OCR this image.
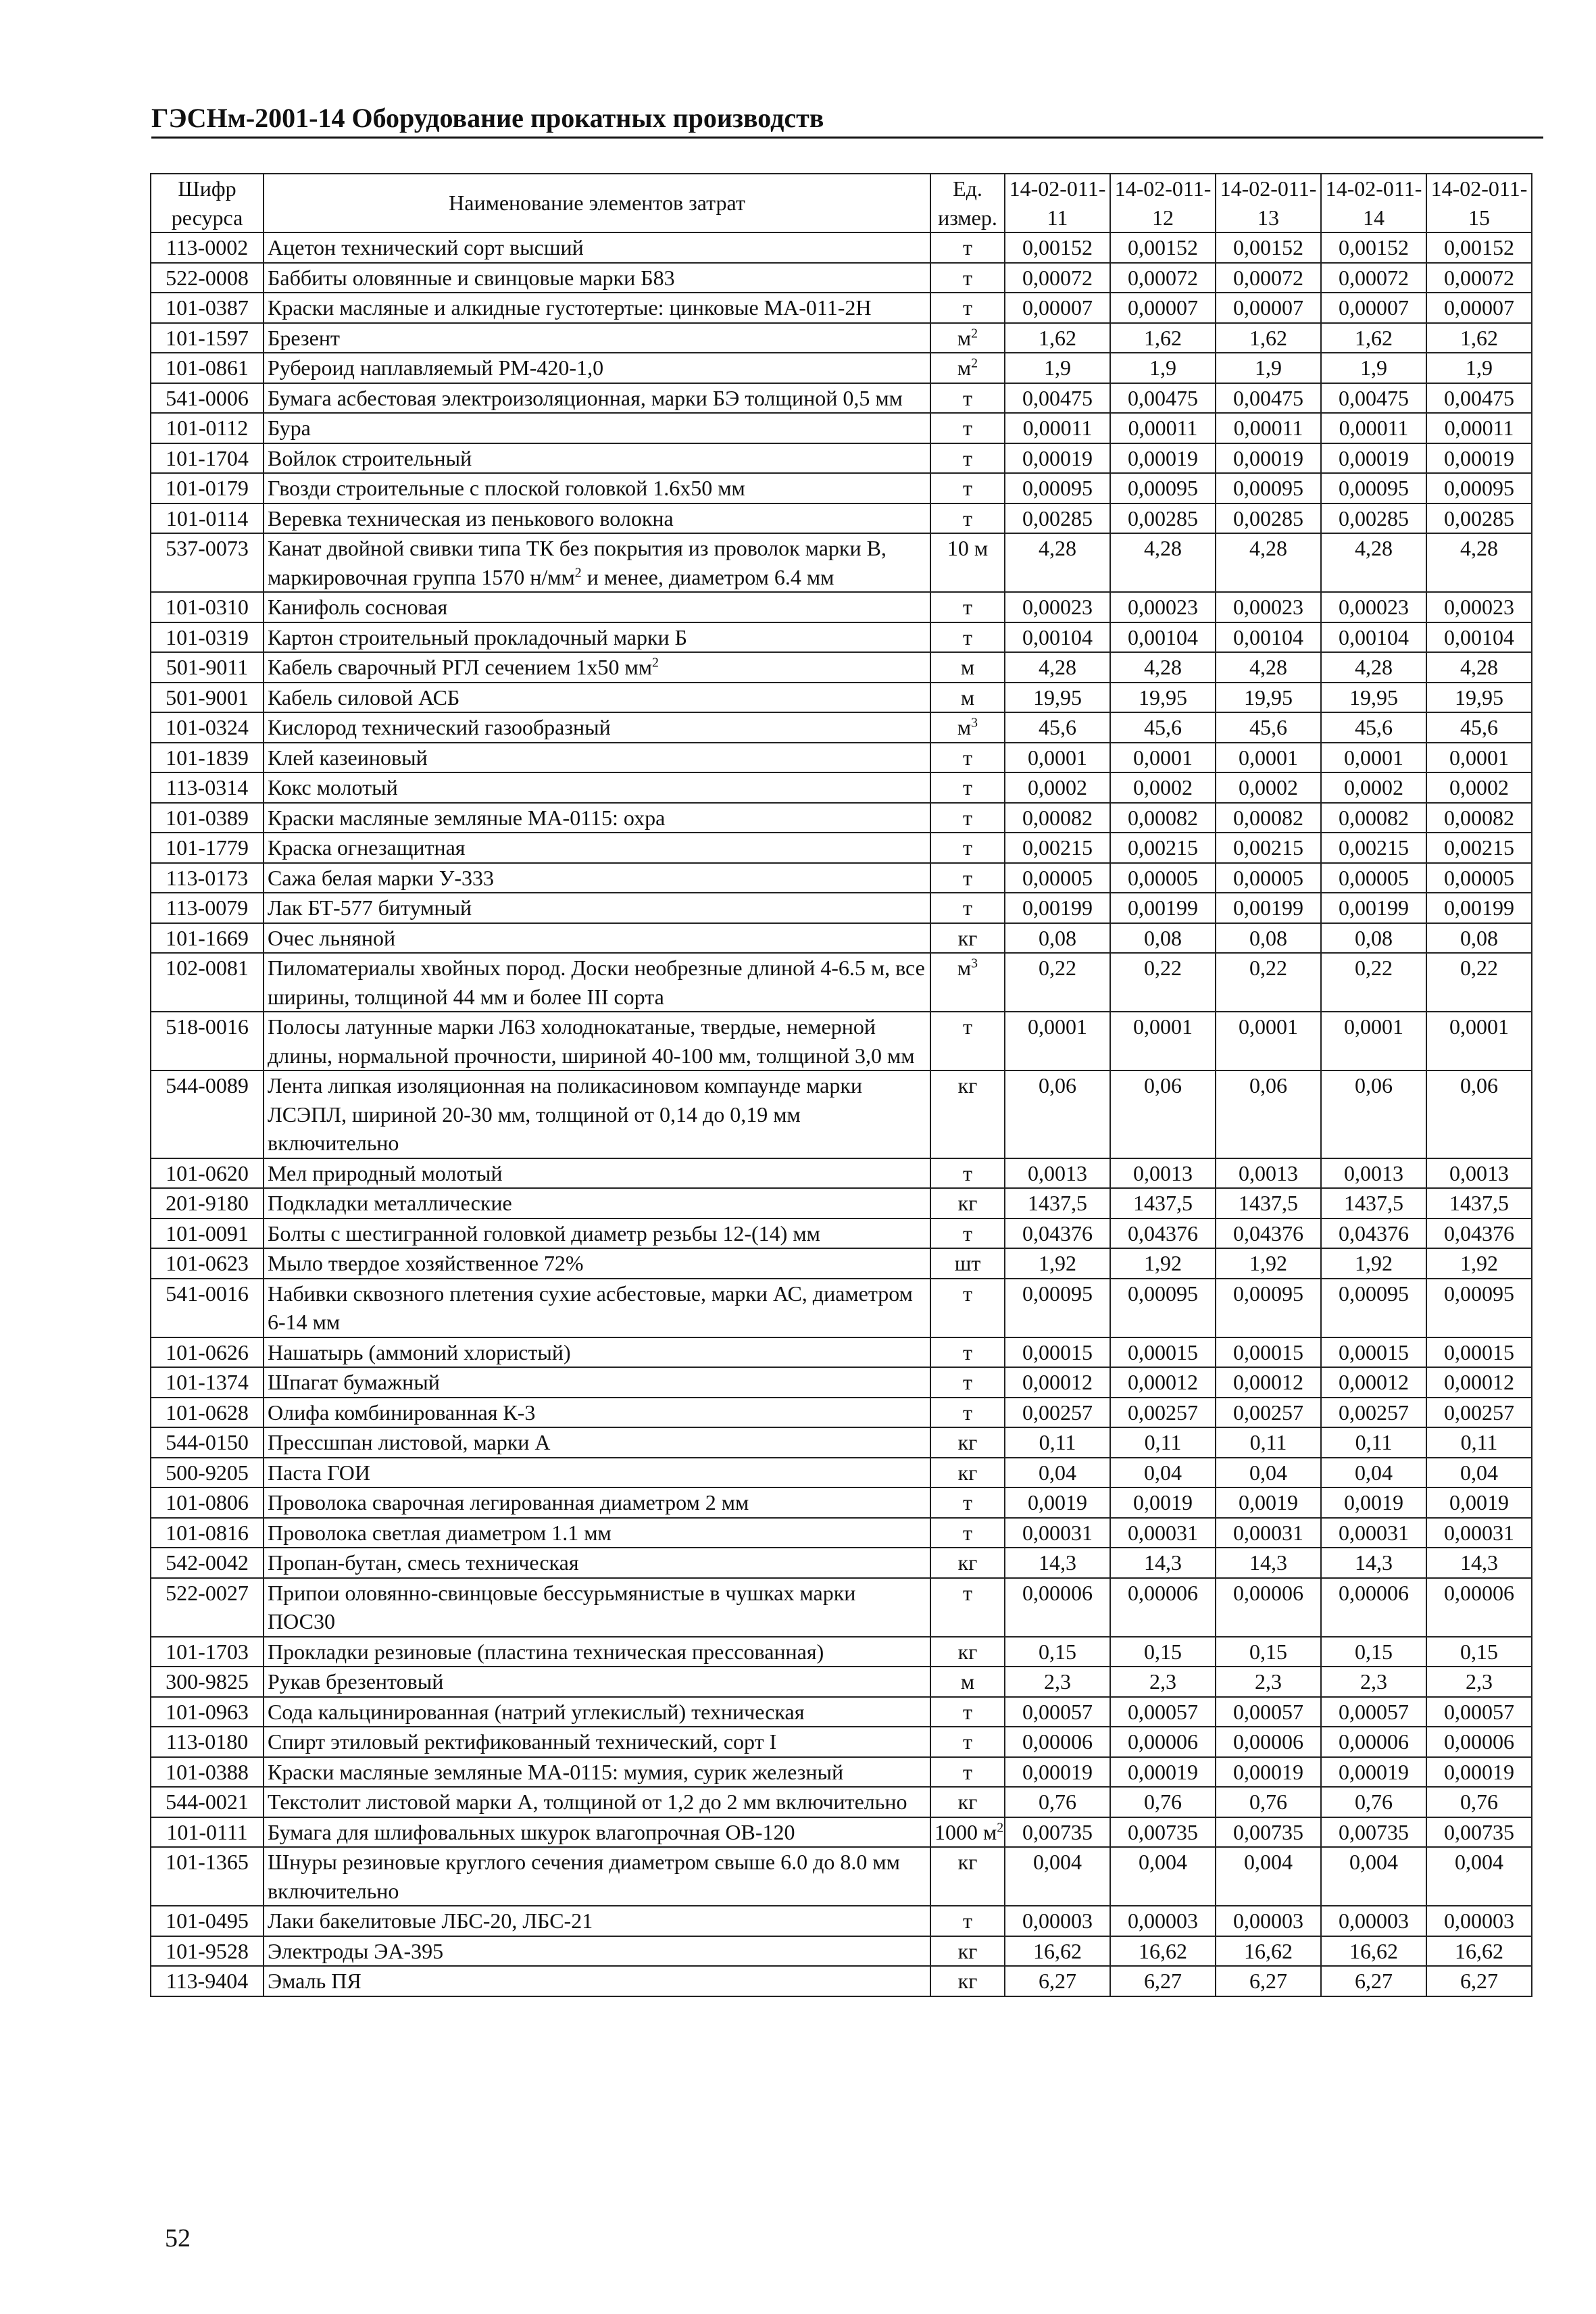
ГЭСНм-2001-14 Оборудование прокатных производств
Шифр ресурса	Наименование элементов затрат	Ед. измер.	14-02-011-11	14-02-011-12	14-02-011-13	14-02-011-14	14-02-011-15
113-0002	Ацетон технический сорт высший	т	0,00152	0,00152	0,00152	0,00152	0,00152
522-0008	Баббиты оловянные и свинцовые марки Б83	т	0,00072	0,00072	0,00072	0,00072	0,00072
101-0387	Краски масляные и алкидные густотертые: цинковые МА-011-2Н	т	0,00007	0,00007	0,00007	0,00007	0,00007
101-1597	Брезент	$м^2$	1,62	1,62	1,62	1,62	1,62
101-0861	Рубероид наплавляемый РМ-420-1,0	$м^2$	1,9	1,9	1,9	1,9	1,9
541-0006	Бумага асбестовая электроизоляционная, марки БЭ толщиной 0,5 мм	т	0,00475	0,00475	0,00475	0,00475	0,00475
101-0112	Бура	т	0,00011	0,00011	0,00011	0,00011	0,00011
101-1704	Войлок строительный	т	0,00019	0,00019	0,00019	0,00019	0,00019
101-0179	Гвозди строительные с плоской головкой 1.6х50 мм	т	0,00095	0,00095	0,00095	0,00095	0,00095
101-0114	Веревка техническая из пенькового волокна	т	0,00285	0,00285	0,00285	0,00285	0,00285
537-0073	Канат двойной свивки типа ТК без покрытия из проволок марки В, маркировочная группа 1570 $н/мм^2$ и менее, диаметром 6.4 мм	10 м	4,28	4,28	4,28	4,28	4,28
101-0310	Канифоль сосновая	т	0,00023	0,00023	0,00023	0,00023	0,00023
101-0319	Картон строительный прокладочный марки Б	т	0,00104	0,00104	0,00104	0,00104	0,00104
501-9011	Кабель сварочный РГЛ сечением 1х50 $мм^2$	м	4,28	4,28	4,28	4,28	4,28
501-9001	Кабель силовой АСБ	м	19,95	19,95	19,95	19,95	19,95
101-0324	Кислород технический газообразный	$м^3$	45,6	45,6	45,6	45,6	45,6
101-1839	Клей казеиновый	т	0,0001	0,0001	0,0001	0,0001	0,0001
113-0314	Кокс молотый	т	0,0002	0,0002	0,0002	0,0002	0,0002
101-0389	Краски масляные земляные МА-0115: охра	т	0,00082	0,00082	0,00082	0,00082	0,00082
101-1779	Краска огнезащитная	т	0,00215	0,00215	0,00215	0,00215	0,00215
113-0173	Сажа белая марки У-333	т	0,00005	0,00005	0,00005	0,00005	0,00005
113-0079	Лак БТ-577 битумный	т	0,00199	0,00199	0,00199	0,00199	0,00199
101-1669	Очес льняной	кг	0,08	0,08	0,08	0,08	0,08
102-0081	Пиломатериалы хвойных пород. Доски необрезные длиной 4-6.5 м, все ширины, толщиной 44 мм и более III сорта	$м^3$	0,22	0,22	0,22	0,22	0,22
518-0016	Полосы латунные марки Л63 холоднокатаные, твердые, немерной длины, нормальной прочности, шириной 40-100 мм, толщиной 3,0 мм	т	0,0001	0,0001	0,0001	0,0001	0,0001
544-0089	Лента липкая изоляционная на поликасиновом компаунде марки ЛСЭПЛ, шириной 20-30 мм, толщиной от 0,14 до 0,19 мм включительно	кг	0,06	0,06	0,06	0,06	0,06
101-0620	Мел природный молотый	т	0,0013	0,0013	0,0013	0,0013	0,0013
201-9180	Подкладки металлические	кг	1437,5	1437,5	1437,5	1437,5	1437,5
101-0091	Болты с шестигранной головкой диаметр резьбы 12-(14) мм	т	0,04376	0,04376	0,04376	0,04376	0,04376
101-0623	Мыло твердое хозяйственное 72%	шт	1,92	1,92	1,92	1,92	1,92
541-0016	Набивки сквозного плетения сухие асбестовые, марки АС, диаметром 6-14 мм	т	0,00095	0,00095	0,00095	0,00095	0,00095
101-0626	Нашатырь (аммоний хлористый)	т	0,00015	0,00015	0,00015	0,00015	0,00015
101-1374	Шпагат бумажный	т	0,00012	0,00012	0,00012	0,00012	0,00012
101-0628	Олифа комбинированная К-3	т	0,00257	0,00257	0,00257	0,00257	0,00257
544-0150	Прессшпан листовой, марки А	кг	0,11	0,11	0,11	0,11	0,11
500-9205	Паста ГОИ	кг	0,04	0,04	0,04	0,04	0,04
101-0806	Проволока сварочная легированная диаметром 2 мм	т	0,0019	0,0019	0,0019	0,0019	0,0019
101-0816	Проволока светлая диаметром 1.1 мм	т	0,00031	0,00031	0,00031	0,00031	0,00031
542-0042	Пропан-бутан, смесь техническая	кг	14,3	14,3	14,3	14,3	14,3
522-0027	Припои оловянно-свинцовые бессурьмянистые в чушках марки ПОС30	т	0,00006	0,00006	0,00006	0,00006	0,00006
101-1703	Прокладки резиновые (пластина техническая прессованная)	кг	0,15	0,15	0,15	0,15	0,15
300-9825	Рукав брезентовый	м	2,3	2,3	2,3	2,3	2,3
101-0963	Сода кальцинированная (натрий углекислый) техническая	т	0,00057	0,00057	0,00057	0,00057	0,00057
113-0180	Спирт этиловый ректификованный технический, сорт I	т	0,00006	0,00006	0,00006	0,00006	0,00006
101-0388	Краски масляные земляные МА-0115: мумия, сурик железный	т	0,00019	0,00019	0,00019	0,00019	0,00019
544-0021	Текстолит листовой марки А, толщиной от 1,2 до 2 мм включительно	кг	0,76	0,76	0,76	0,76	0,76
101-0111	Бумага для шлифовальных шкурок влагопрочная ОВ-120	1000 $м^2$	0,00735	0,00735	0,00735	0,00735	0,00735
101-1365	Шнуры резиновые круглого сечения диаметром свыше 6.0 до 8.0 мм включительно	кг	0,004	0,004	0,004	0,004	0,004
101-0495	Лаки бакелитовые ЛБС-20, ЛБС-21	т	0,00003	0,00003	0,00003	0,00003	0,00003
101-9528	Электроды ЭА-395	кг	16,62	16,62	16,62	16,62	16,62
113-9404	Эмаль ПЯ	кг	6,27	6,27	6,27	6,27	6,27
52
